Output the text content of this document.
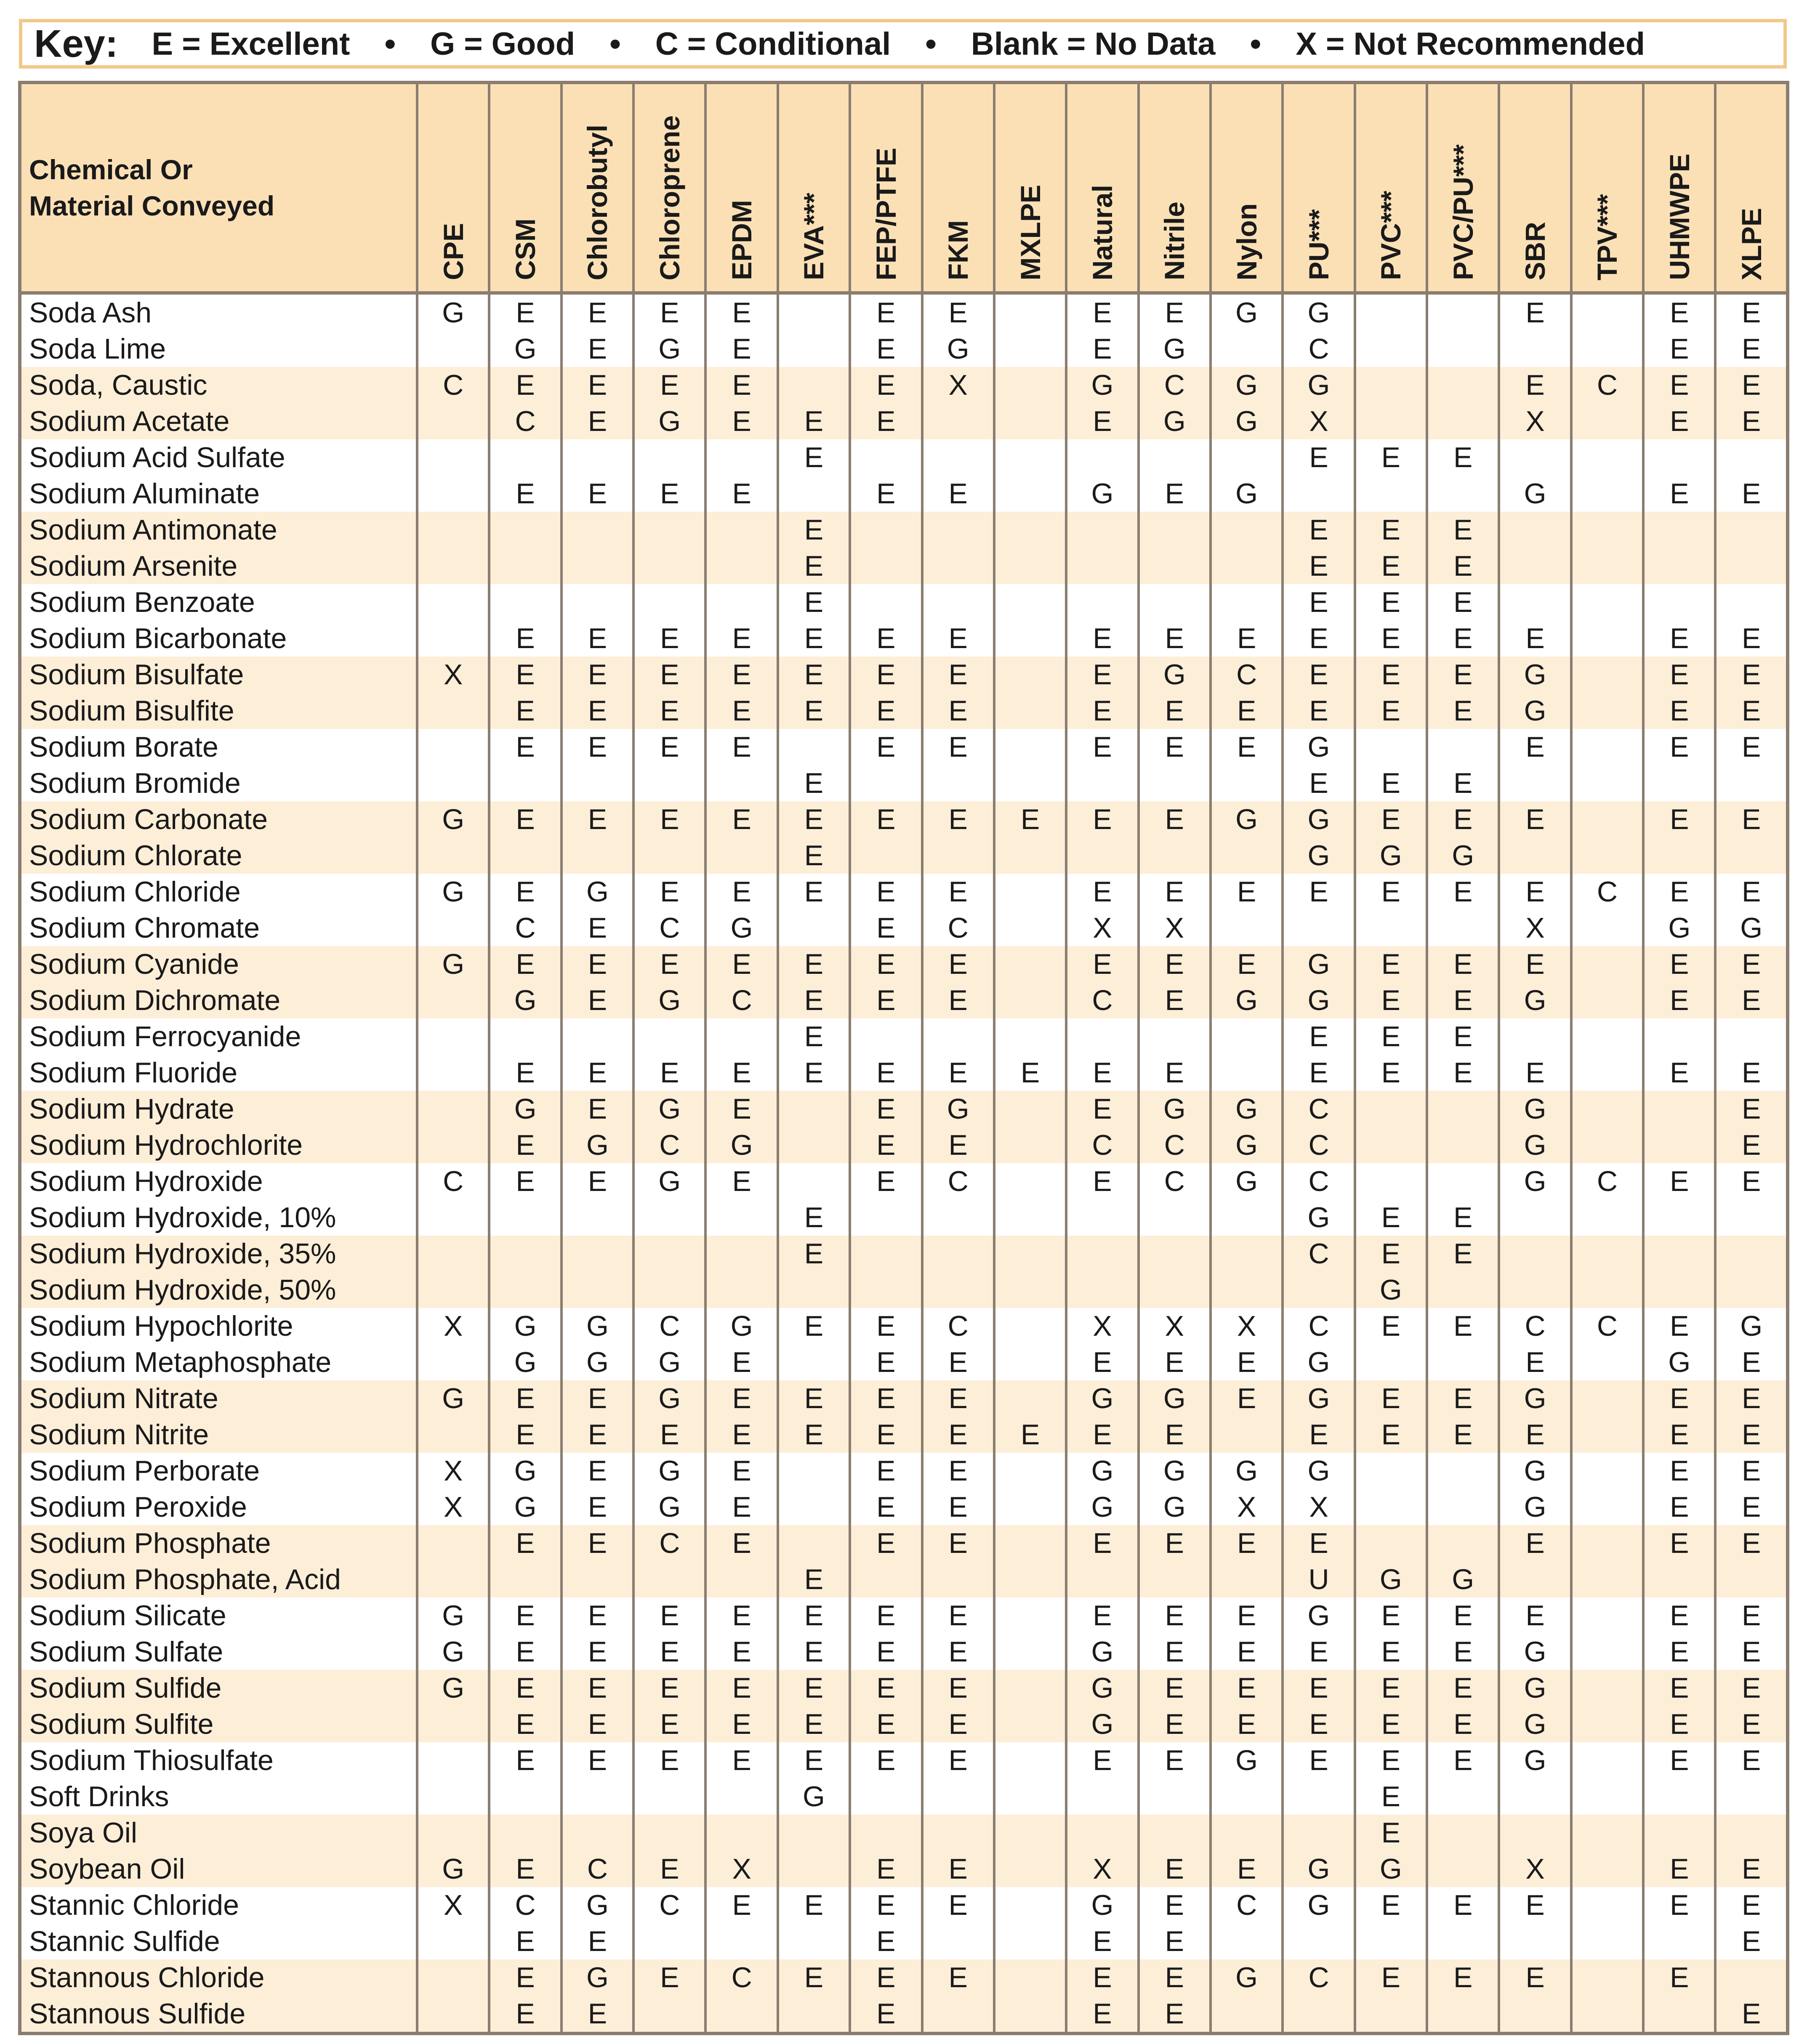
Key: E = Excellent • G = Good • C = Conditional • Blank = No Data • X = Not Recommended
Chemical Or
Material Conveyed	CPE	CSM	Chlorobutyl	Chloroprene	EPDM	EVA***	FEP/PTFE	FKM	MXLPE	Natural	Nitrile	Nylon	PU***	PVC***	PVC/PU***	SBR	TPV***	UHMWPE	XLPE

Soda Ash	G	E	E	E	E		E	E		E	E	G	G			E		E	E
Soda Lime		G	E	G	E		E	G		E	G		C					E	E
Soda, Caustic	C	E	E	E	E		E	X		G	C	G	G			E	C	E	E
Sodium Acetate		C	E	G	E	E	E			E	G	G	X			X		E	E
Sodium Acid Sulfate						E							E	E	E				
Sodium Aluminate		E	E	E	E		E	E		G	E	G				G		E	E
Sodium Antimonate						E							E	E	E				
Sodium Arsenite						E							E	E	E				
Sodium Benzoate						E							E	E	E				
Sodium Bicarbonate		E	E	E	E	E	E	E		E	E	E	E	E	E	E		E	E
Sodium Bisulfate	X	E	E	E	E	E	E	E		E	G	C	E	E	E	G		E	E
Sodium Bisulfite		E	E	E	E	E	E	E		E	E	E	E	E	E	G		E	E
Sodium Borate		E	E	E	E		E	E		E	E	E	G			E		E	E
Sodium Bromide						E							E	E	E				
Sodium Carbonate	G	E	E	E	E	E	E	E	E	E	E	G	G	E	E	E		E	E
Sodium Chlorate						E							G	G	G				
Sodium Chloride	G	E	G	E	E	E	E	E		E	E	E	E	E	E	E	C	E	E
Sodium Chromate		C	E	C	G		E	C		X	X					X		G	G
Sodium Cyanide	G	E	E	E	E	E	E	E		E	E	E	G	E	E	E		E	E
Sodium Dichromate		G	E	G	C	E	E	E		C	E	G	G	E	E	G		E	E
Sodium Ferrocyanide						E							E	E	E				
Sodium Fluoride		E	E	E	E	E	E	E	E	E	E		E	E	E	E		E	E
Sodium Hydrate		G	E	G	E		E	G		E	G	G	C			G			E
Sodium Hydrochlorite		E	G	C	G		E	E		C	C	G	C			G			E
Sodium Hydroxide	C	E	E	G	E		E	C		E	C	G	C			G	C	E	E
Sodium Hydroxide, 10%						E							G	E	E				
Sodium Hydroxide, 35%						E							C	E	E				
Sodium Hydroxide, 50%														G					
Sodium Hypochlorite	X	G	G	C	G	E	E	C		X	X	X	C	E	E	C	C	E	G
Sodium Metaphosphate		G	G	G	E		E	E		E	E	E	G			E		G	E
Sodium Nitrate	G	E	E	G	E	E	E	E		G	G	E	G	E	E	G		E	E
Sodium Nitrite		E	E	E	E	E	E	E	E	E	E		E	E	E	E		E	E
Sodium Perborate	X	G	E	G	E		E	E		G	G	G	G			G		E	E
Sodium Peroxide	X	G	E	G	E		E	E		G	G	X	X			G		E	E
Sodium Phosphate		E	E	C	E		E	E		E	E	E	E			E		E	E
Sodium Phosphate, Acid						E							U	G	G				
Sodium Silicate	G	E	E	E	E	E	E	E		E	E	E	G	E	E	E		E	E
Sodium Sulfate	G	E	E	E	E	E	E	E		G	E	E	E	E	E	G		E	E
Sodium Sulfide	G	E	E	E	E	E	E	E		G	E	E	E	E	E	G		E	E
Sodium Sulfite		E	E	E	E	E	E	E		G	E	E	E	E	E	G		E	E
Sodium Thiosulfate		E	E	E	E	E	E	E		E	E	G	E	E	E	G		E	E
Soft Drinks						G								E					
Soya Oil														E					
Soybean Oil	G	E	C	E	X		E	E		X	E	E	G	G		X		E	E
Stannic Chloride	X	C	G	C	E	E	E	E		G	E	C	G	E	E	E		E	E
Stannic Sulfide		E	E				E			E	E								E
Stannous Chloride		E	G	E	C	E	E	E		E	E	G	C	E	E	E		E	
Stannous Sulfide		E	E				E			E	E								E
